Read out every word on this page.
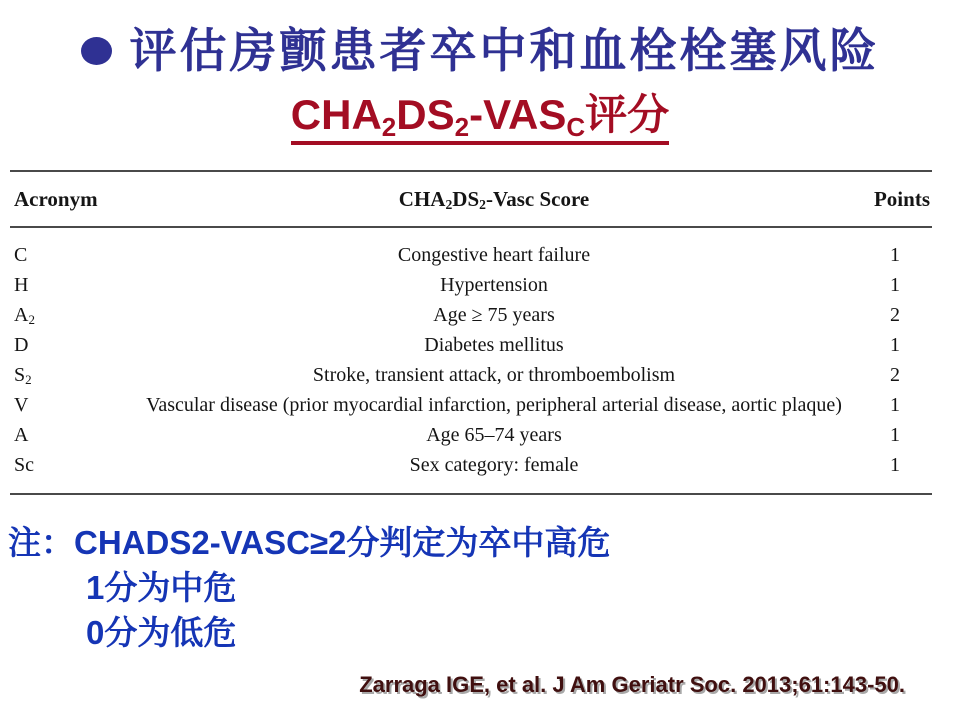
评估房颤患者卒中和血栓栓塞风险
$CHA_2DS_2-VAS_C$评分
Acronym	$CHA_2DS_2$-Vasc Score	Points
C	Congestive heart failure	1
H	Hypertension	1
$A_2$	Age ≥ 75 years	2
D	Diabetes mellitus	1
$S_2$	Stroke, transient attack, or thromboembolism	2
V	Vascular disease (prior myocardial infarction, peripheral arterial disease, aortic plaque)	1
A	Age 65–74 years	1
Sc	Sex category: female	1
注：CHADS2-VASC≥2分判定为卒中高危
1分为中危
0分为低危
Zarraga IGE, et al. J Am Geriatr Soc. 2013;61:143-50.
